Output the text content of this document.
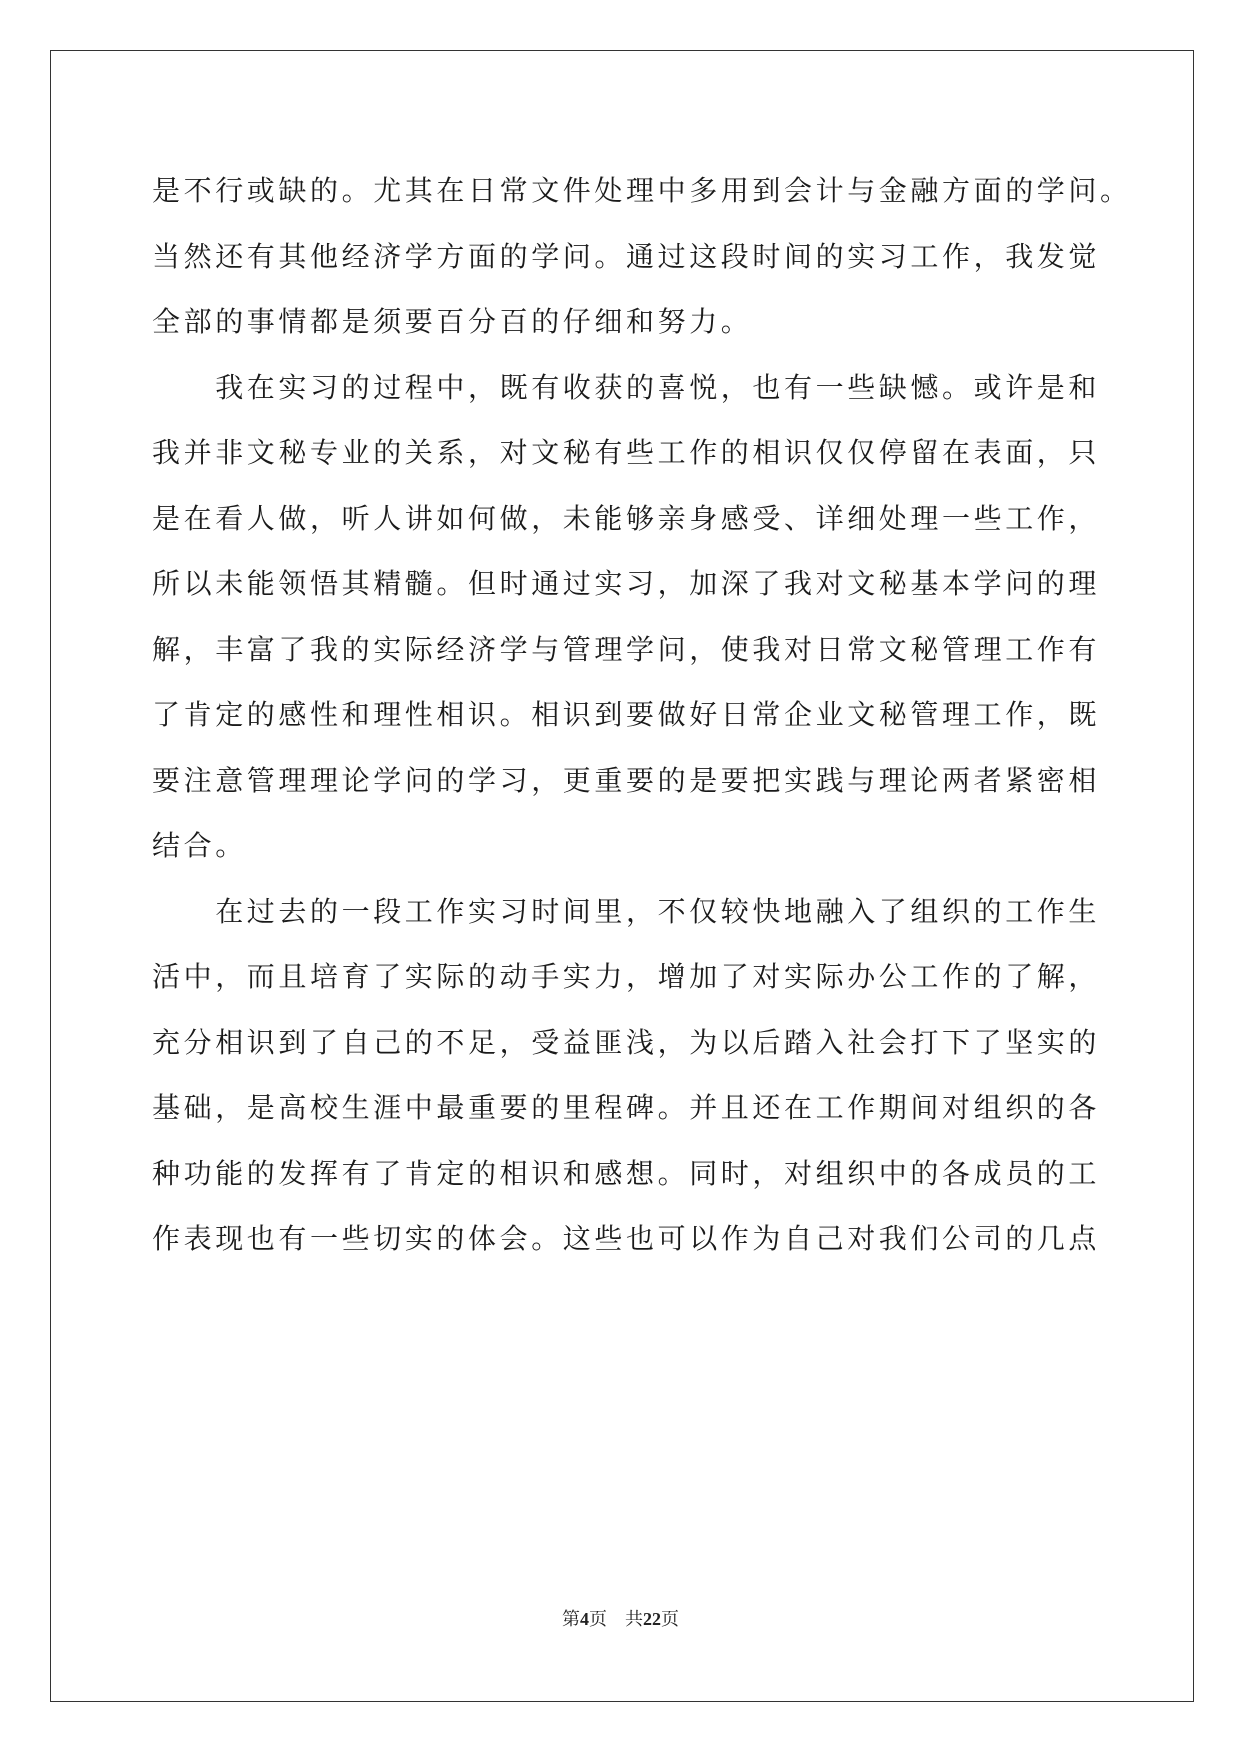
是不行或缺的。尤其在日常文件处理中多用到会计与金融方面的学问。
当然还有其他经济学方面的学问。通过这段时间的实习工作，我发觉
全部的事情都是须要百分百的仔细和努力。
　　我在实习的过程中，既有收获的喜悦，也有一些缺憾。或许是和
我并非文秘专业的关系，对文秘有些工作的相识仅仅停留在表面，只
是在看人做，听人讲如何做，未能够亲身感受、详细处理一些工作，
所以未能领悟其精髓。但时通过实习，加深了我对文秘基本学问的理
解，丰富了我的实际经济学与管理学问，使我对日常文秘管理工作有
了肯定的感性和理性相识。相识到要做好日常企业文秘管理工作，既
要注意管理理论学问的学习，更重要的是要把实践与理论两者紧密相
结合。
　　在过去的一段工作实习时间里，不仅较快地融入了组织的工作生
活中，而且培育了实际的动手实力，增加了对实际办公工作的了解，
充分相识到了自己的不足，受益匪浅，为以后踏入社会打下了坚实的
基础，是高校生涯中最重要的里程碑。并且还在工作期间对组织的各
种功能的发挥有了肯定的相识和感想。同时，对组织中的各成员的工
作表现也有一些切实的体会。这些也可以作为自己对我们公司的几点
第4页 共22页
